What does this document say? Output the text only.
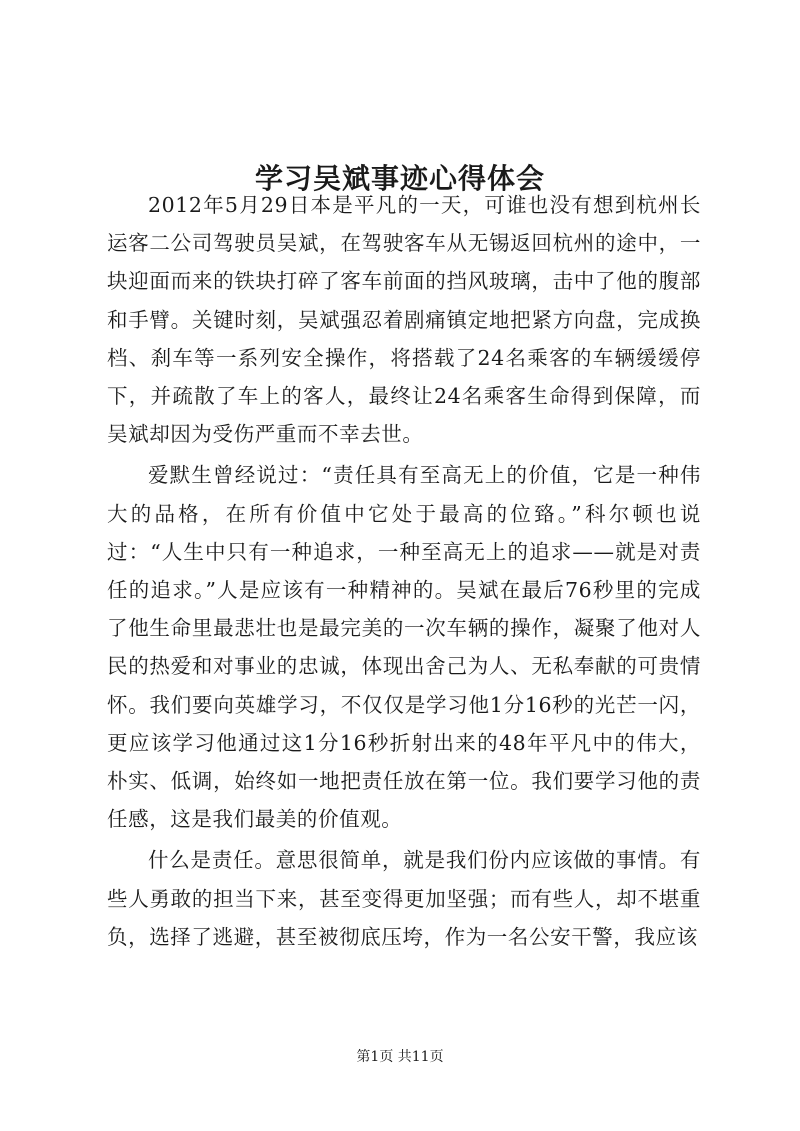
学习吴斌事迹心得体会

2012年5月29日本是平凡的一天，可谁也没有想到杭州长运客二公司驾驶员吴斌，在驾驶客车从无锡返回杭州的途中，一块迎面而来的铁块打碎了客车前面的挡风玻璃，击中了他的腹部和手臂。关键时刻，吴斌强忍着剧痛镇定地把紧方向盘，完成换档、刹车等一系列安全操作，将搭载了24名乘客的车辆缓缓停下，并疏散了车上的客人，最终让24名乘客生命得到保障，而吴斌却因为受伤严重而不幸去世。

爱默生曾经说过：“责任具有至高无上的价值，它是一种伟大的品格，在所有价值中它处于最高的位臵。”科尔顿也说过：“人生中只有一种追求，一种至高无上的追求——就是对责任的追求。”人是应该有一种精神的。吴斌在最后76秒里的完成了他生命里最悲壮也是最完美的一次车辆的操作，凝聚了他对人民的热爱和对事业的忠诚，体现出舍己为人、无私奉献的可贵情怀。我们要向英雄学习，不仅仅是学习他1分16秒的光芒一闪，更应该学习他通过这1分16秒折射出来的48年平凡中的伟大，朴实、低调，始终如一地把责任放在第一位。我们要学习他的责任感，这是我们最美的价值观。

什么是责任。意思很简单，就是我们份内应该做的事情。有些人勇敢的担当下来，甚至变得更加坚强；而有些人，却不堪重负，选择了逃避，甚至被彻底压垮，作为一名公安干警，我应该

第1页 共11页
